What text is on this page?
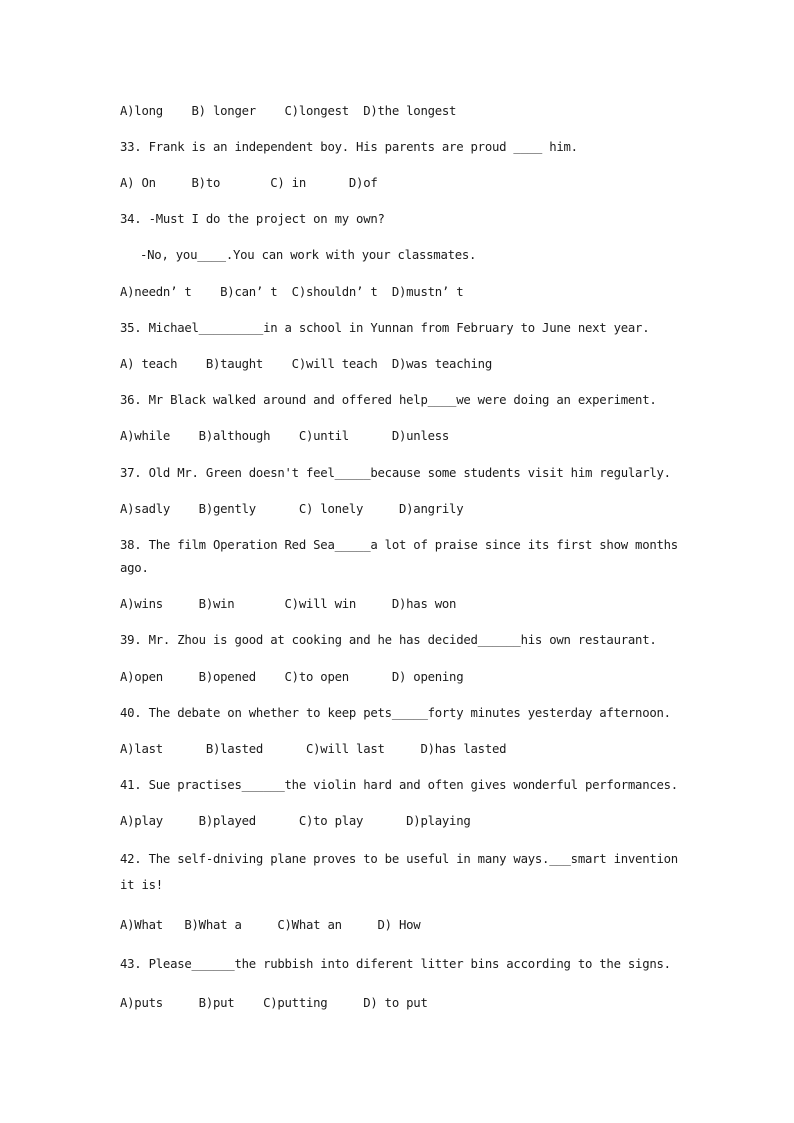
A)long    B) longer    C)longest  D)the longest
33. Frank is an independent boy. His parents are proud ____ him.
A) On     B)to       C) in      D)of
34. -Must I do the project on my own?
-No, you____.You can work with your classmates.
A)needn’ t    B)can’ t  C)shouldn’ t  D)mustn’ t
35. Michael_________in a school in Yunnan from February to June next year.
A) teach    B)taught    C)will teach  D)was teaching
36. Mr Black walked around and offered help____we were doing an experiment.
A)while    B)although    C)until      D)unless
37. Old Mr. Green doesn't feel_____because some students visit him regularly.
A)sadly    B)gently      C) lonely     D)angrily
38. The film Operation Red Sea_____a lot of praise since its first show months
ago.
A)wins     B)win       C)will win     D)has won
39. Mr. Zhou is good at cooking and he has decided______his own restaurant.
A)open     B)opened    C)to open      D) opening
40. The debate on whether to keep pets_____forty minutes yesterday afternoon.
A)last      B)lasted      C)will last     D)has lasted
41. Sue practises______the violin hard and often gives wonderful performances.
A)play     B)played      C)to play      D)playing
42. The self-dniving plane proves to be useful in many ways.___smart invention
it is!
A)What   B)What a     C)What an     D) How
43. Please______the rubbish into diferent litter bins according to the signs.
A)puts     B)put    C)putting     D) to put
